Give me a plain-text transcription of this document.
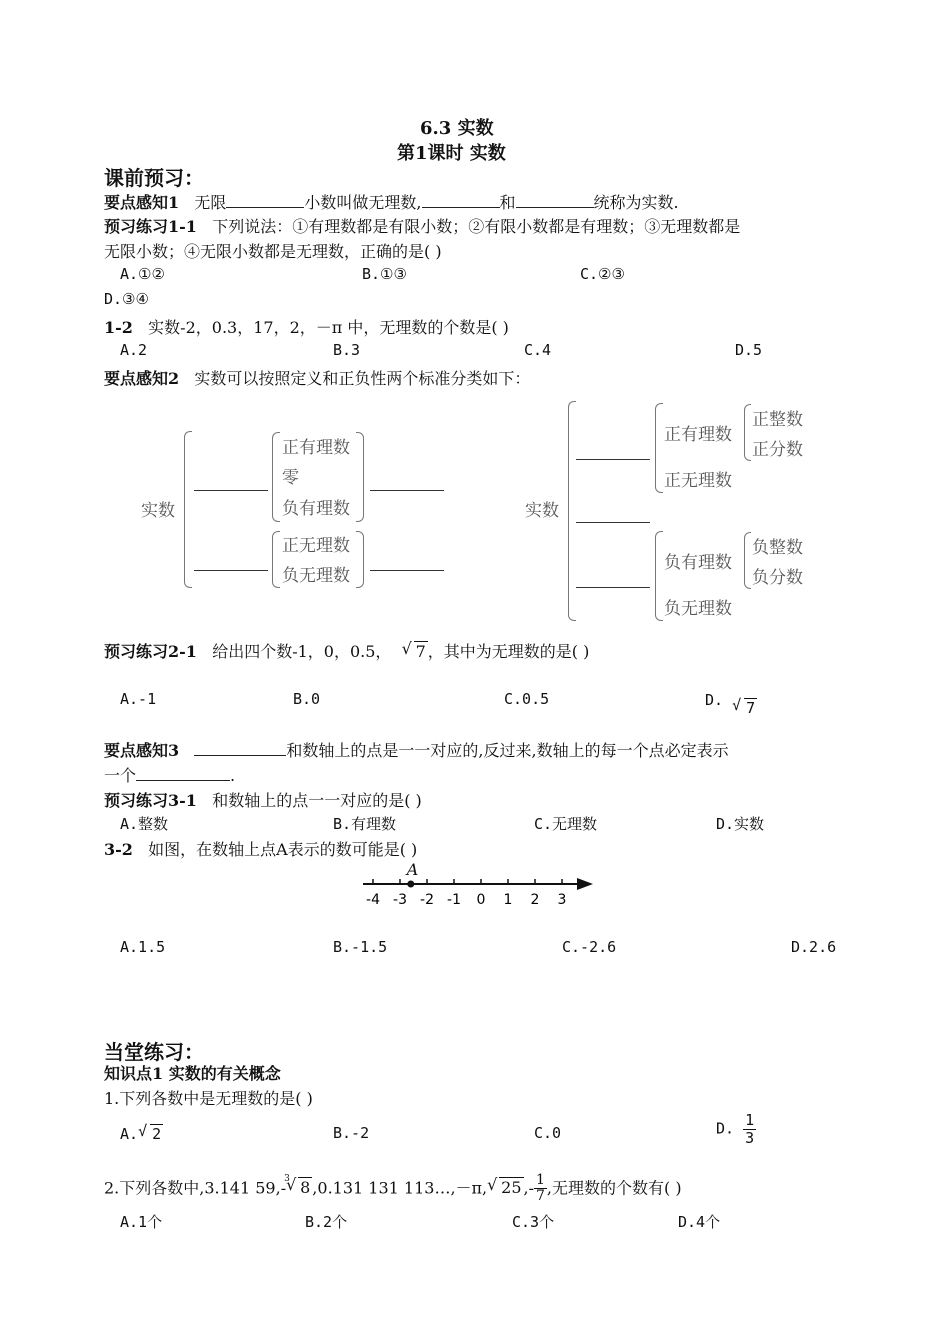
6.3 实数
第1课时 实数
课前预习：
要点感知1 无限	小数叫做无理数,	和	统称为实数.
预习练习1-1 下列说法：①有理数都是有限小数；②有限小数都是有理数；③无理数都是
无限小数；④无限小数都是无理数，正确的是( )
A.①②	B.①③	C.②③
D.③④
1-2 实数-2，0.3，17，2，－π 中，无理数的个数是( )
A.2	B.3	C.4	D.5
要点感知2 实数可以按照定义和正负性两个标准分类如下：
实数
正有理数
零
负有理数
正无理数
负无理数
实数
正有理数
正整数
正分数
正无理数
负有理数
负整数
负分数
负无理数
预习练习2-1 给出四个数-1，0，0.5， √ 7 ，其中为无理数的是( )
A.-1	B.0	C.0.5	D. √ 7
要点感知3	和数轴上的点是一一对应的,反过来,数轴上的每一个点必定表示
一个	.
预习练习3-1 和数轴上的点一一对应的是( )
A.整数	B.有理数	C.无理数	D.实数
3-2 如图，在数轴上点A表示的数可能是( )
-4 -3 -2 -1 0 1 2 3
A
A.1.5	B.-1.5	C.-2.6	D.2.6
当堂练习：
知识点1 实数的有关概念
1.下列各数中是无理数的是( )
A. √ 2	B.-2	C.0	D. $\frac{1}{3}$
2.下列各数中,3.141 59,-
3 √ 8 ,0.131 131 113…,－π, √ 25 ,- $\frac{1}{7}$ ,无理数的个数有( )
A.1个	B.2个	C.3个	D.4个
